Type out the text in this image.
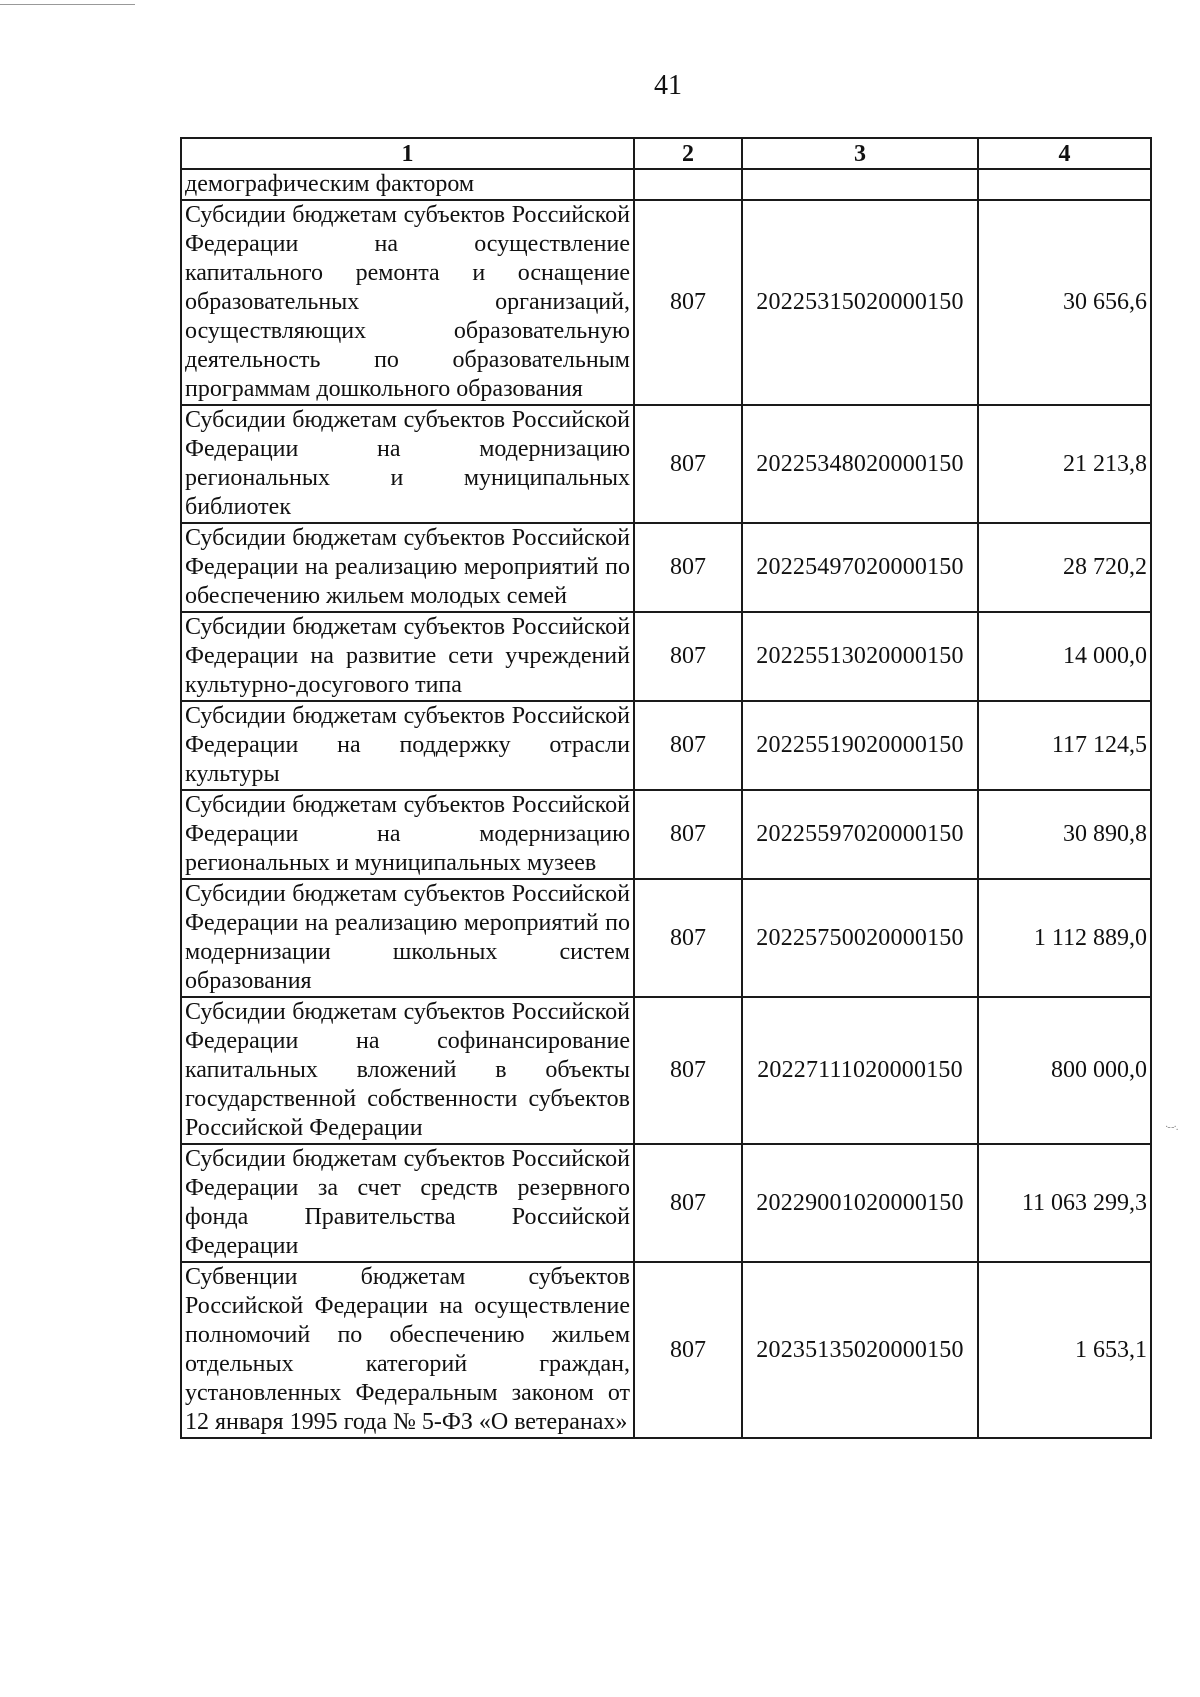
·- -·.
41
1	2	3	4
демографическим фактором			
Субсидии бюджетам субъектов Российской Федерации на осуществление капитального ремонта и оснащение образовательных организаций, осуществляющих образовательную деятельность по образовательным программам дошкольного образования	807	20225315020000150	30 656,6
Субсидии бюджетам субъектов Российской Федерации на модернизацию региональных и муниципальных библиотек	807	20225348020000150	21 213,8
Субсидии бюджетам субъектов Российской Федерации на реализацию мероприятий по обеспечению жильем молодых семей	807	20225497020000150	28 720,2
Субсидии бюджетам субъектов Российской Федерации на развитие сети учреждений культурно-досугового типа	807	20225513020000150	14 000,0
Субсидии бюджетам субъектов Российской Федерации на поддержку отрасли культуры	807	20225519020000150	117 124,5
Субсидии бюджетам субъектов Российской Федерации на модернизацию региональных и муниципальных музеев	807	20225597020000150	30 890,8
Субсидии бюджетам субъектов Российской Федерации на реализацию мероприятий по модернизации школьных систем образования	807	20225750020000150	1 112 889,0
Субсидии бюджетам субъектов Российской Федерации на софинансирование капитальных вложений в объекты государственной собственности субъектов Российской Федерации	807	20227111020000150	800 000,0
Субсидии бюджетам субъектов Российской Федерации за счет средств резервного фонда Правительства Российской Федерации	807	20229001020000150	11 063 299,3
Субвенции бюджетам субъектов Российской Федерации на осуществление полномочий по обеспечению жильем отдельных категорий граждан, установленных Федеральным законом от 12 января 1995 года № 5-ФЗ «О ветеранах»	807	20235135020000150	1 653,1
